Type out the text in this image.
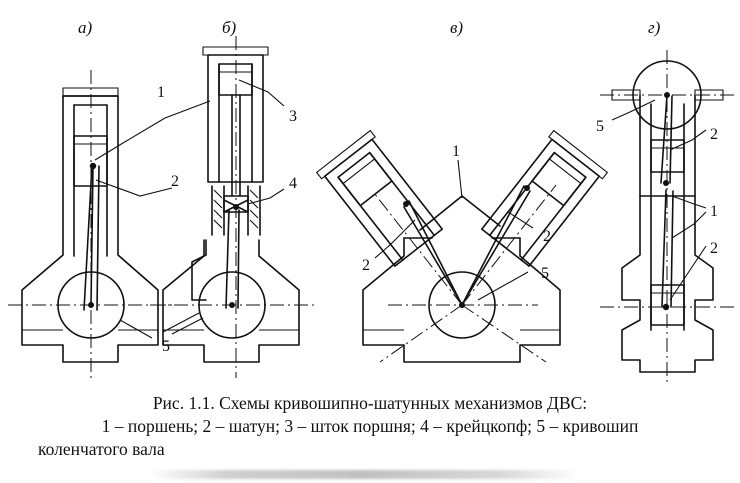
а)	б)	в)	г)
1
3
2	4
5
1
2
2	5
5	2
1
2
Рис. 1.1. Схемы кривошипно-шатунных механизмов ДВС:
1 – поршень; 2 – шатун; 3 – шток поршня; 4 – крейцкопф; 5 – кривошип
коленчатого вала
